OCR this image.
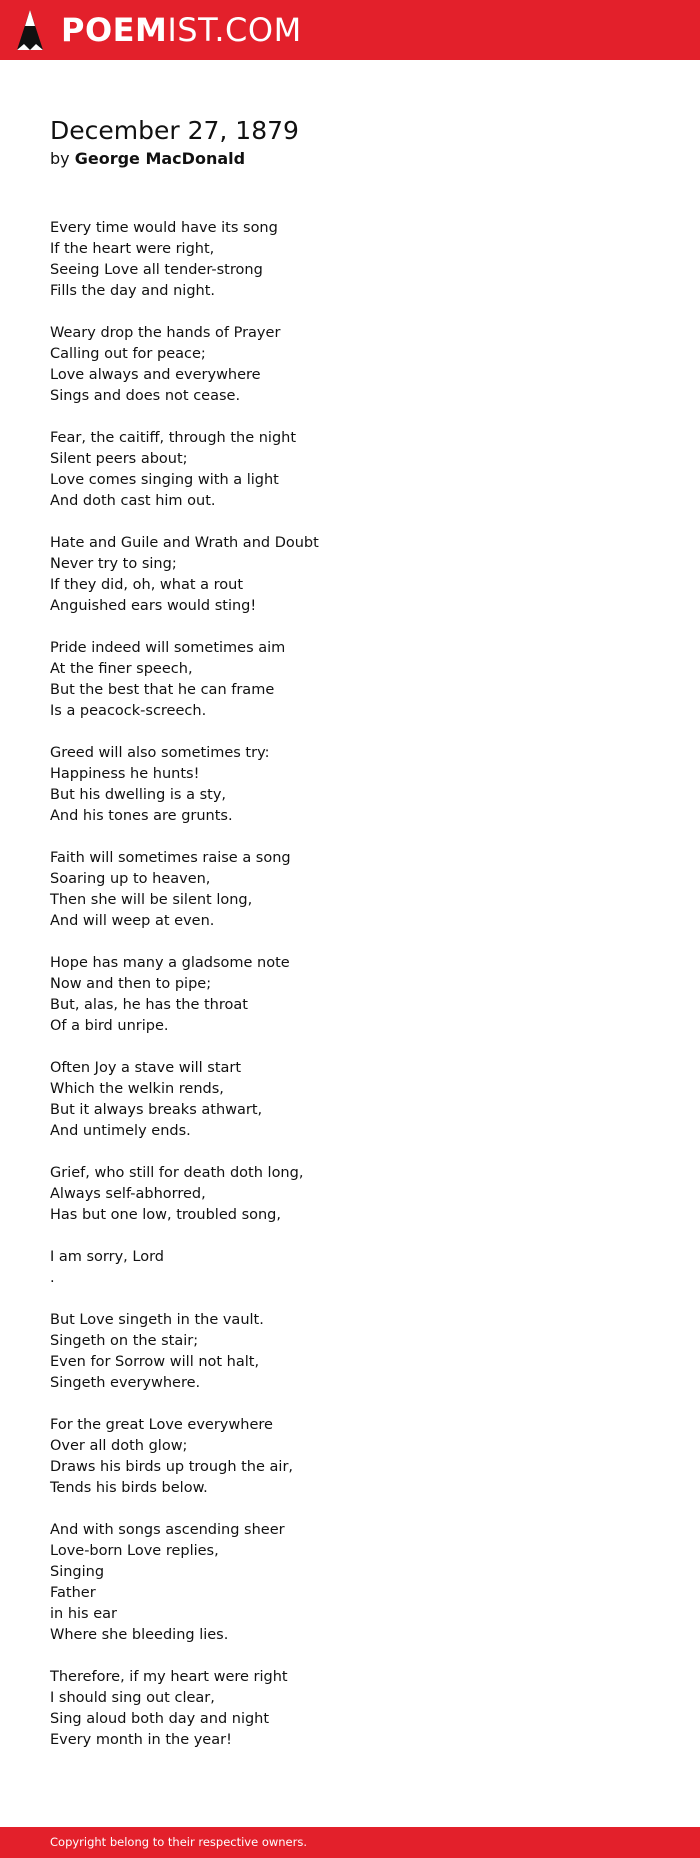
POEMIST.COM
December 27, 1879
by George MacDonald
Every time would have its song
If the heart were right,
Seeing Love all tender-strong
Fills the day and night.
Weary drop the hands of Prayer
Calling out for peace;
Love always and everywhere
Sings and does not cease.
Fear, the caitiff, through the night
Silent peers about;
Love comes singing with a light
And doth cast him out.
Hate and Guile and Wrath and Doubt
Never try to sing;
If they did, oh, what a rout
Anguished ears would sting!
Pride indeed will sometimes aim
At the finer speech,
But the best that he can frame
Is a peacock-screech.
Greed will also sometimes try:
Happiness he hunts!
But his dwelling is a sty,
And his tones are grunts.
Faith will sometimes raise a song
Soaring up to heaven,
Then she will be silent long,
And will weep at even.
Hope has many a gladsome note
Now and then to pipe;
But, alas, he has the throat
Of a bird unripe.
Often Joy a stave will start
Which the welkin rends,
But it always breaks athwart,
And untimely ends.
Grief, who still for death doth long,
Always self-abhorred,
Has but one low, troubled song,
I am sorry, Lord
.
But Love singeth in the vault.
Singeth on the stair;
Even for Sorrow will not halt,
Singeth everywhere.
For the great Love everywhere
Over all doth glow;
Draws his birds up trough the air,
Tends his birds below.
And with songs ascending sheer
Love-born Love replies,
Singing
Father
in his ear
Where she bleeding lies.
Therefore, if my heart were right
I should sing out clear,
Sing aloud both day and night
Every month in the year!
Copyright belong to their respective owners.
